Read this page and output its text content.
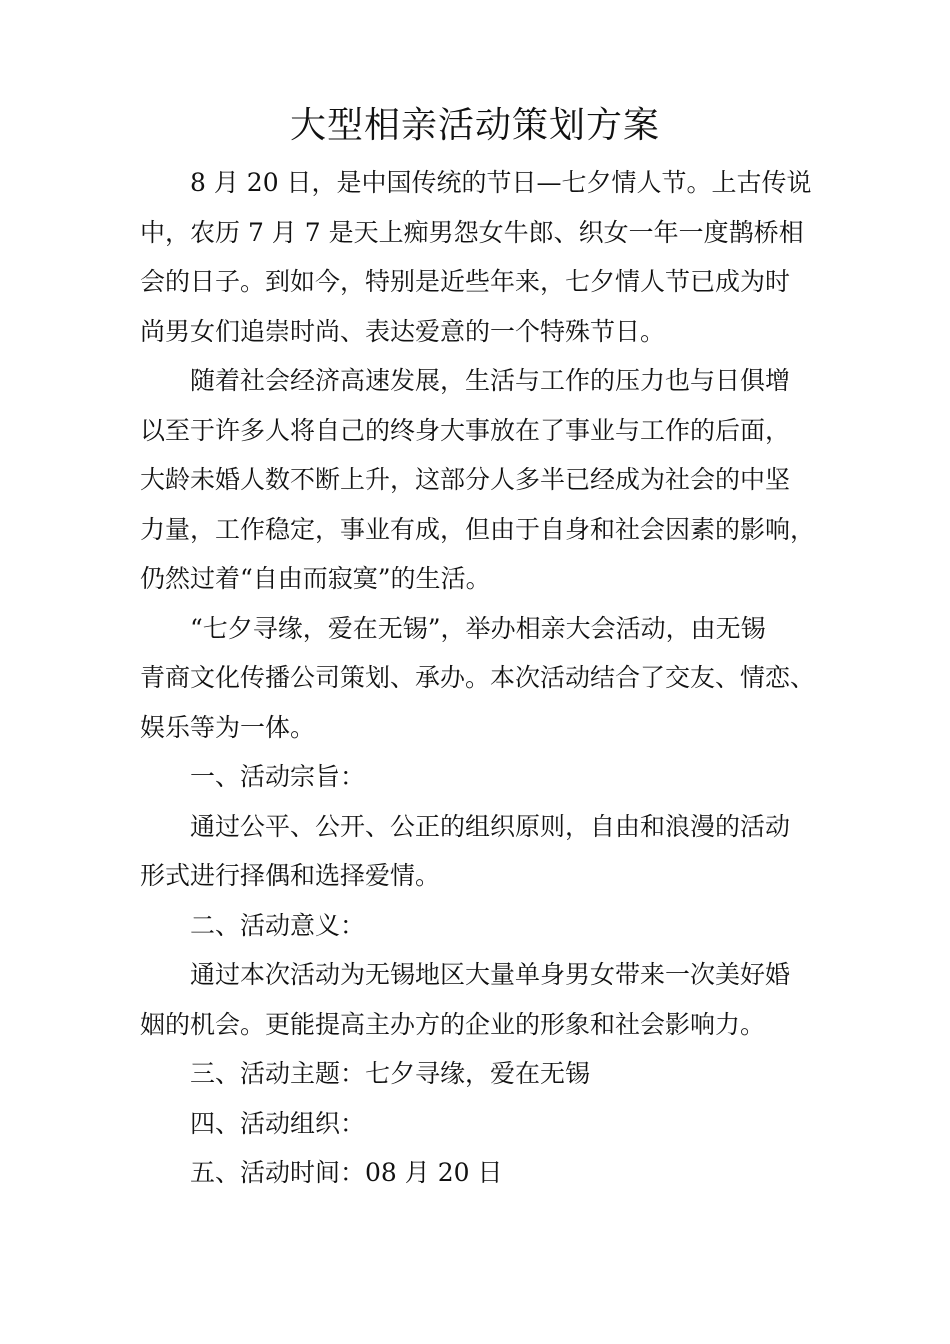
大型相亲活动策划方案

8 月 20 日，是中国传统的节日—七夕情人节。上古传说
中，农历 7 月 7 是天上痴男怨女牛郎、织女一年一度鹊桥相
会的日子。到如今，特别是近些年来，七夕情人节已成为时
尚男女们追崇时尚、表达爱意的一个特殊节日。

随着社会经济高速发展，生活与工作的压力也与日俱增
以至于许多人将自己的终身大事放在了事业与工作的后面，
大龄未婚人数不断上升，这部分人多半已经成为社会的中坚
力量，工作稳定，事业有成，但由于自身和社会因素的影响，
仍然过着“自由而寂寞”的生活。

“七夕寻缘，爱在无锡”，举办相亲大会活动，由无锡
青商文化传播公司策划、承办。本次活动结合了交友、情恋、
娱乐等为一体。

一、活动宗旨：

通过公平、公开、公正的组织原则，自由和浪漫的活动
形式进行择偶和选择爱情。

二、活动意义：

通过本次活动为无锡地区大量单身男女带来一次美好婚
姻的机会。更能提高主办方的企业的形象和社会影响力。

三、活动主题：七夕寻缘，爱在无锡

四、活动组织：

五、活动时间：08 月 20 日
